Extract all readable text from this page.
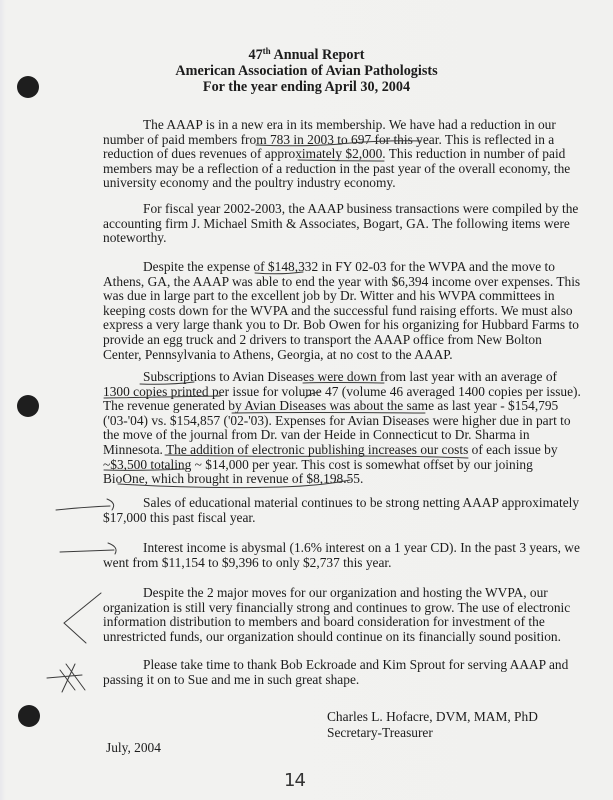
47th Annual Report
American Association of Avian Pathologists
For the year ending April 30, 2004
The AAAP is in a new era in its membership. We have had a reduction in our
number of paid members from 783 in 2003 to 697 for this year. This is reflected in a
reduction of dues revenues of approximately $2,000. This reduction in number of paid
members may be a reflection of a reduction in the past year of the overall economy, the
university economy and the poultry industry economy.
For fiscal year 2002-2003, the AAAP business transactions were compiled by the
accounting firm J. Michael Smith & Associates, Bogart, GA. The following items were
noteworthy.
Despite the expense of $148,332 in FY 02-03 for the WVPA and the move to
Athens, GA, the AAAP was able to end the year with $6,394 income over expenses. This
was due in large part to the excellent job by Dr. Witter and his WVPA committees in
keeping costs down for the WVPA and the successful fund raising efforts. We must also
express a very large thank you to Dr. Bob Owen for his organizing for Hubbard Farms to
provide an egg truck and 2 drivers to transport the AAAP office from New Bolton
Center, Pennsylvania to Athens, Georgia, at no cost to the AAAP.
Subscriptions to Avian Diseases were down from last year with an average of
1300 copies printed per issue for volume 47 (volume 46 averaged 1400 copies per issue).
The revenue generated by Avian Diseases was about the same as last year - $154,795
('03-'04) vs. $154,857 ('02-'03). Expenses for Avian Diseases were higher due in part to
the move of the journal from Dr. van der Heide in Connecticut to Dr. Sharma in
Minnesota. The addition of electronic publishing increases our costs of each issue by
~$3,500 totaling ~ $14,000 per year. This cost is somewhat offset by our joining
BioOne, which brought in revenue of $8,198.55.
Sales of educational material continues to be strong netting AAAP approximately
$17,000 this past fiscal year.
Interest income is abysmal (1.6% interest on a 1 year CD). In the past 3 years, we
went from $11,154 to $9,396 to only $2,737 this year.
Despite the 2 major moves for our organization and hosting the WVPA, our
organization is still very financially strong and continues to grow. The use of electronic
information distribution to members and board consideration for investment of the
unrestricted funds, our organization should continue on its financially sound position.
Please take time to thank Bob Eckroade and Kim Sprout for serving AAAP and
passing it on to Sue and me in such great shape.
Charles L. Hofacre, DVM, MAM, PhD
Secretary-Treasurer
July, 2004
14
